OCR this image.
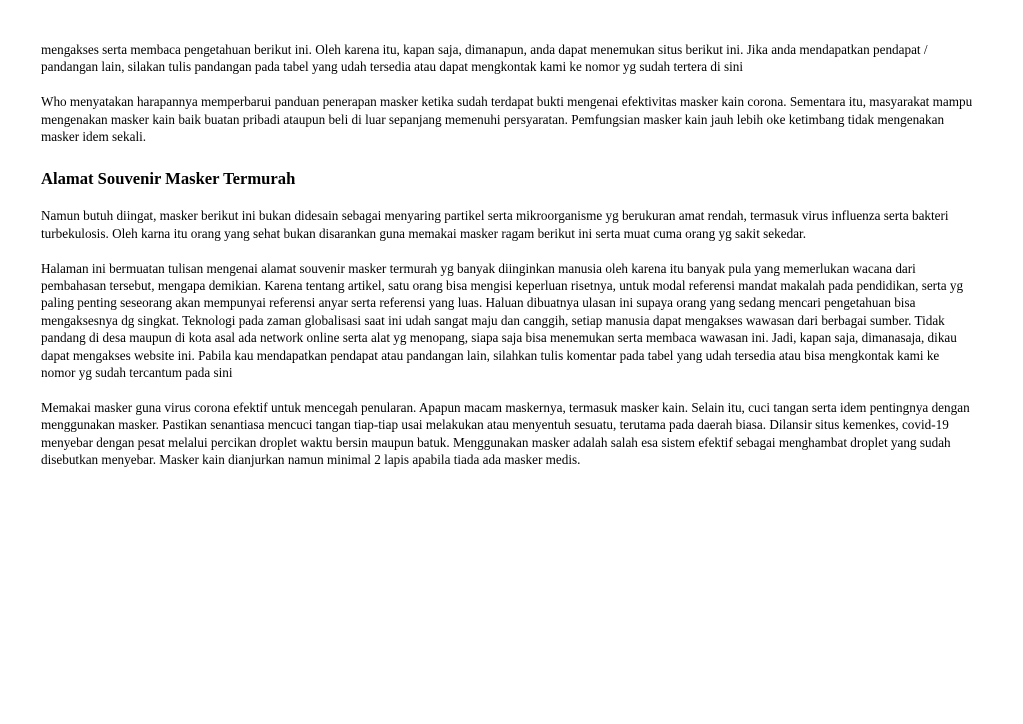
mengakses serta membaca pengetahuan berikut ini. Oleh karena itu, kapan saja, dimanapun, anda dapat menemukan situs berikut ini. Jika anda mendapatkan pendapat / pandangan lain, silakan tulis pandangan pada tabel yang udah tersedia atau dapat mengkontak kami ke nomor yg sudah tertera di sini

Who menyatakan harapannya memperbarui panduan penerapan masker ketika sudah terdapat bukti mengenai efektivitas masker kain corona. Sementara itu, masyarakat mampu mengenakan masker kain baik buatan pribadi ataupun beli di luar sepanjang memenuhi persyaratan. Pemfungsian masker kain jauh lebih oke ketimbang tidak mengenakan masker idem sekali.

Alamat Souvenir Masker Termurah

Namun butuh diingat, masker berikut ini bukan didesain sebagai menyaring partikel serta mikroorganisme yg berukuran amat rendah, termasuk virus influenza serta bakteri turbekulosis. Oleh karna itu orang yang sehat bukan disarankan guna memakai masker ragam berikut ini serta muat cuma orang yg sakit sekedar.

Halaman ini bermuatan tulisan mengenai alamat souvenir masker termurah yg banyak diinginkan manusia oleh karena itu banyak pula yang memerlukan wacana dari pembahasan tersebut, mengapa demikian. Karena tentang artikel, satu orang bisa mengisi keperluan risetnya, untuk modal referensi mandat makalah pada pendidikan, serta yg paling penting seseorang akan mempunyai referensi anyar serta referensi yang luas. Haluan dibuatnya ulasan ini supaya orang yang sedang mencari pengetahuan bisa mengaksesnya dg singkat. Teknologi pada zaman globalisasi saat ini udah sangat maju dan canggih, setiap manusia dapat mengakses wawasan dari berbagai sumber. Tidak pandang di desa maupun di kota asal ada network online serta alat yg menopang, siapa saja bisa menemukan serta membaca wawasan ini. Jadi, kapan saja, dimanasaja, dikau dapat mengakses website ini. Pabila kau mendapatkan pendapat atau pandangan lain, silahkan tulis komentar pada tabel yang udah tersedia atau bisa mengkontak kami ke nomor yg sudah tercantum pada sini

Memakai masker guna virus corona efektif untuk mencegah penularan. Apapun macam maskernya, termasuk masker kain. Selain itu, cuci tangan serta idem pentingnya dengan menggunakan masker. Pastikan senantiasa mencuci tangan tiap-tiap usai melakukan atau menyentuh sesuatu, terutama pada daerah biasa. Dilansir situs kemenkes, covid-19 menyebar dengan pesat melalui percikan droplet waktu bersin maupun batuk. Menggunakan masker adalah salah esa sistem efektif sebagai menghambat droplet yang sudah disebutkan menyebar. Masker kain dianjurkan namun minimal 2 lapis apabila tiada ada masker medis.
